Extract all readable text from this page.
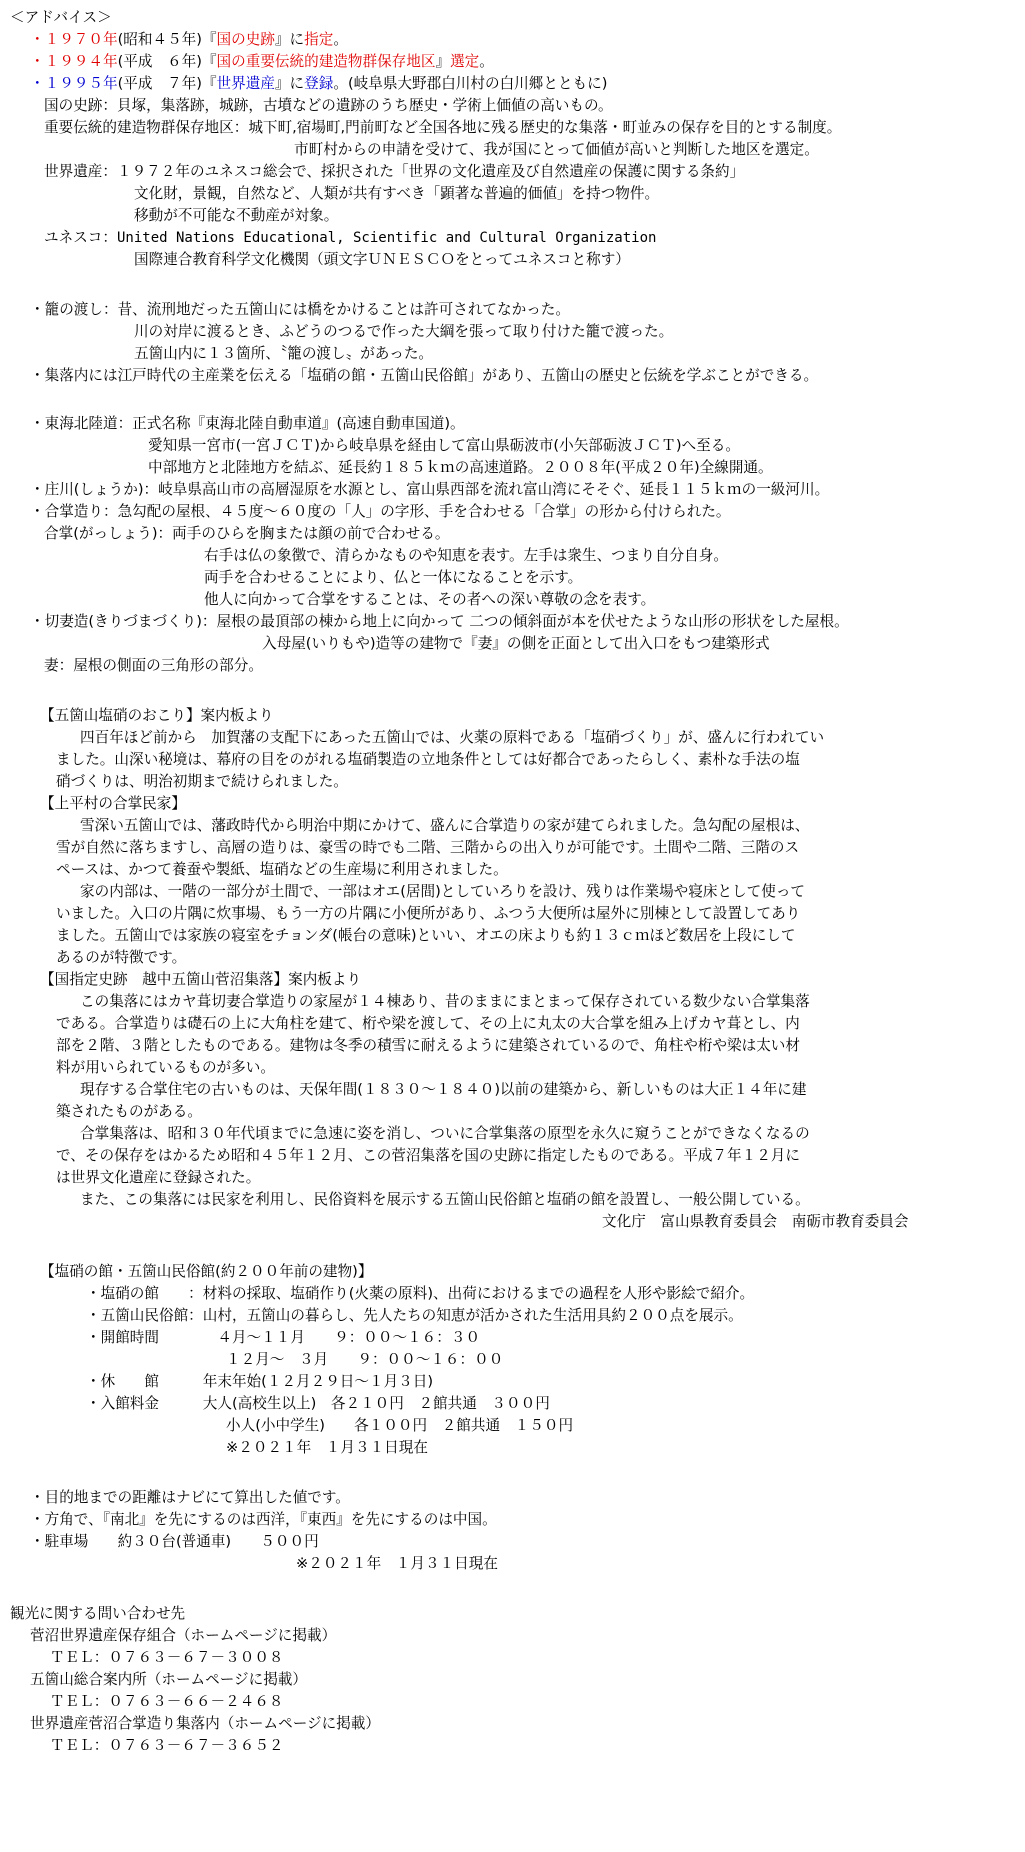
＜アドバイス＞
・１９７０年(昭和４５年)『国の史跡』に指定。
・１９９４年(平成　６年)『国の重要伝統的建造物群保存地区』選定。
・１９９５年(平成　７年)『世界遺産』に登録。(岐阜県大野郡白川村の白川郷とともに)
国の史跡：貝塚，集落跡，城跡，古墳などの遺跡のうち歴史・学術上価値の高いもの。
重要伝統的建造物群保存地区：城下町,宿場町,門前町など全国各地に残る歴史的な集落・町並みの保存を目的とする制度。
市町村からの申請を受けて、我が国にとって価値が高いと判断した地区を選定。
世界遺産：１９７２年のユネスコ総会で、採択された「世界の文化遺産及び自然遺産の保護に関する条約」
文化財，景観，自然など、人類が共有すべき「顕著な普遍的価値」を持つ物件。
移動が不可能な不動産が対象。
ユネスコ：United Nations Educational, Scientific and Cultural Organization
国際連合教育科学文化機関（頭文字ＵＮＥＳＣＯをとってユネスコと称す）
・籠の渡し：昔、流刑地だった五箇山には橋をかけることは許可されてなかった。
川の対岸に渡るとき、ふどうのつるで作った大綱を張って取り付けた籠で渡った。
五箇山内に１３箇所、〝籠の渡し〟があった。
・集落内には江戸時代の主産業を伝える「塩硝の館・五箇山民俗館」があり、五箇山の歴史と伝統を学ぶことができる。
・東海北陸道：正式名称『東海北陸自動車道』(高速自動車国道)。
愛知県一宮市(一宮ＪＣＴ)から岐阜県を経由して富山県砺波市(小矢部砺波ＪＣＴ)へ至る。
中部地方と北陸地方を結ぶ、延長約１８５ｋｍの高速道路。２００８年(平成２０年)全線開通。
・庄川(しょうか)：岐阜県高山市の高層湿原を水源とし、富山県西部を流れ富山湾にそそぐ、延長１１５ｋｍの一級河川。
・合掌造り：急勾配の屋根、４５度～６０度の「人」の字形、手を合わせる「合掌」の形から付けられた。
合掌(がっしょう)：両手のひらを胸または顔の前で合わせる。
右手は仏の象徴で、清らかなものや知恵を表す。左手は衆生、つまり自分自身。
両手を合わせることにより、仏と一体になることを示す。
他人に向かって合掌をすることは、その者への深い尊敬の念を表す。
・切妻造(きりづまづくり)：屋根の最頂部の棟から地上に向かって 二つの傾斜面が本を伏せたような山形の形状をした屋根。
入母屋(いりもや)造等の建物で『妻』の側を正面として出入口をもつ建築形式
妻：屋根の側面の三角形の部分。
【五箇山塩硝のおこり】案内板より
四百年ほど前から　加賀藩の支配下にあった五箇山では、火薬の原料である「塩硝づくり」が、盛んに行われてい
ました。山深い秘境は、幕府の目をのがれる塩硝製造の立地条件としては好都合であったらしく、素朴な手法の塩
硝づくりは、明治初期まで続けられました。
【上平村の合掌民家】
雪深い五箇山では、藩政時代から明治中期にかけて、盛んに合掌造りの家が建てられました。急勾配の屋根は、
雪が自然に落ちますし、高層の造りは、豪雪の時でも二階、三階からの出入りが可能です。土間や二階、三階のス
ペースは、かつて養蚕や製紙、塩硝などの生産場に利用されました。
家の内部は、一階の一部分が土間で、一部はオエ(居間)としていろりを設け、残りは作業場や寝床として使って
いました。入口の片隅に炊事場、もう一方の片隅に小便所があり、ふつう大便所は屋外に別棟として設置してあり
ました。五箇山では家族の寝室をチョンダ(帳台の意味)といい、オエの床よりも約１３ｃｍほど数居を上段にして
あるのが特徴です。
【国指定史跡　越中五箇山菅沼集落】案内板より
この集落にはカヤ葺切妻合掌造りの家屋が１４棟あり、昔のままにまとまって保存されている数少ない合掌集落
である。合掌造りは礎石の上に大角柱を建て、桁や梁を渡して、その上に丸太の大合掌を組み上げカヤ葺とし、内
部を２階、３階としたものである。建物は冬季の積雪に耐えるように建築されているので、角柱や桁や梁は太い材
料が用いられているものが多い。
現存する合掌住宅の古いものは、天保年間(１８３０～１８４０)以前の建築から、新しいものは大正１４年に建
築されたものがある。
合掌集落は、昭和３０年代頃までに急速に姿を消し、ついに合掌集落の原型を永久に窺うことができなくなるの
で、その保存をはかるため昭和４５年１２月、この菅沼集落を国の史跡に指定したものである。平成７年１２月に
は世界文化遺産に登録された。
また、この集落には民家を利用し、民俗資料を展示する五箇山民俗館と塩硝の館を設置し、一般公開している。
文化庁　富山県教育委員会　南砺市教育委員会
【塩硝の館・五箇山民俗館(約２００年前の建物)】
・塩硝の館　　：材料の採取、塩硝作り(火薬の原料)、出荷におけるまでの過程を人形や影絵で紹介。
・五箇山民俗館：山村，五箇山の暮らし、先人たちの知恵が活かされた生活用具約２００点を展示。
・開館時間　　　　４月～１１月　　９：００～１６：３０
１２月～　３月　　９：００～１６：００
・休　　館　　　年末年始(１２月２９日～１月３日)
・入館料金　　　大人(高校生以上)　各２１０円　２館共通　３００円
小人(小中学生)　　各１００円　２館共通　１５０円
※２０２１年　１月３１日現在
・目的地までの距離はナビにて算出した値です。
・方角で、『南北』を先にするのは西洋，『東西』を先にするのは中国。
・駐車場　　約３０台(普通車)　　５００円
※２０２１年　１月３１日現在
観光に関する問い合わせ先
菅沼世界遺産保存組合（ホームページに掲載）
ＴＥＬ：０７６３－６７－３００８
五箇山総合案内所（ホームページに掲載）
ＴＥＬ：０７６３－６６－２４６８
世界遺産菅沼合掌造り集落内（ホームページに掲載）
ＴＥＬ：０７６３－６７－３６５２
